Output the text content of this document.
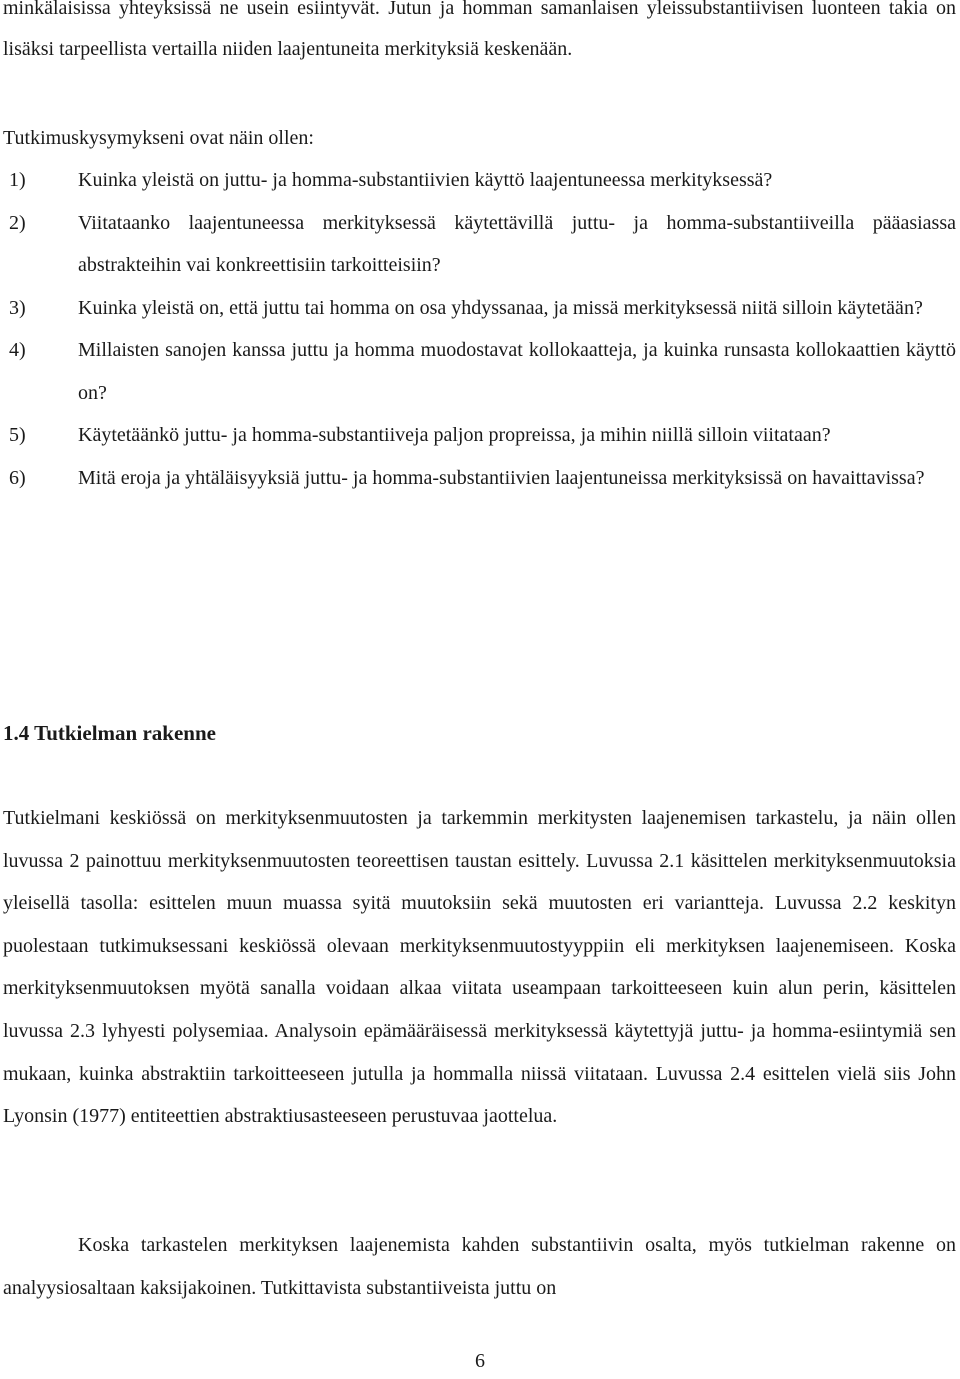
minkälaisissa yhteyksissä ne usein esiintyvät. Jutun ja homman samanlaisen yleissubstantiivisen luonteen takia on lisäksi tarpeellista vertailla niiden laajentuneita merkityksiä keskenään.

Tutkimuskysymykseni ovat näin ollen:

1)	Kuinka yleistä on juttu- ja homma-substantiivien käyttö laajentuneessa merkityksessä?
2)	Viitataanko laajentuneessa merkityksessä käytettävillä juttu- ja homma-substantiiveilla pääasiassa abstrakteihin vai konkreettisiin tarkoitteisiin?
3)	Kuinka yleistä on, että juttu tai homma on osa yhdyssanaa, ja missä merkityksessä niitä silloin käytetään?
4)	Millaisten sanojen kanssa juttu ja homma muodostavat kollokaatteja, ja kuinka runsasta kollokaattien käyttö on?
5)	Käytetäänkö juttu- ja homma-substantiiveja paljon propreissa, ja mihin niillä silloin viitataan?
6)	Mitä eroja ja yhtäläisyyksiä juttu- ja homma-substantiivien laajentuneissa merkityksissä on havaittavissa?
1.4 Tutkielman rakenne

Tutkielmani keskiössä on merkityksenmuutosten ja tarkemmin merkitysten laajenemisen tarkastelu, ja näin ollen luvussa 2 painottuu merkityksenmuutosten teoreettisen taustan esittely. Luvussa 2.1 käsittelen merkityksenmuutoksia yleisellä tasolla: esittelen muun muassa syitä muutoksiin sekä muutosten eri variantteja. Luvussa 2.2 keskityn puolestaan tutkimuksessani keskiössä olevaan merkityksenmuutostyyppiin eli merkityksen laajenemiseen. Koska merkityksenmuutoksen myötä sanalla voidaan alkaa viitata useampaan tarkoitteeseen kuin alun perin, käsittelen luvussa 2.3 lyhyesti polysemiaa. Analysoin epämääräisessä merkityksessä käytettyjä juttu- ja homma-esiintymiä sen mukaan, kuinka abstraktiin tarkoitteeseen jutulla ja hommalla niissä viitataan. Luvussa 2.4 esittelen vielä siis John Lyonsin (1977) entiteettien abstraktiusasteeseen perustuvaa jaottelua.

Koska tarkastelen merkityksen laajenemista kahden substantiivin osalta, myös tutkielman rakenne on analyysiosaltaan kaksijakoinen. Tutkittavista substantiiveista juttu on

6
